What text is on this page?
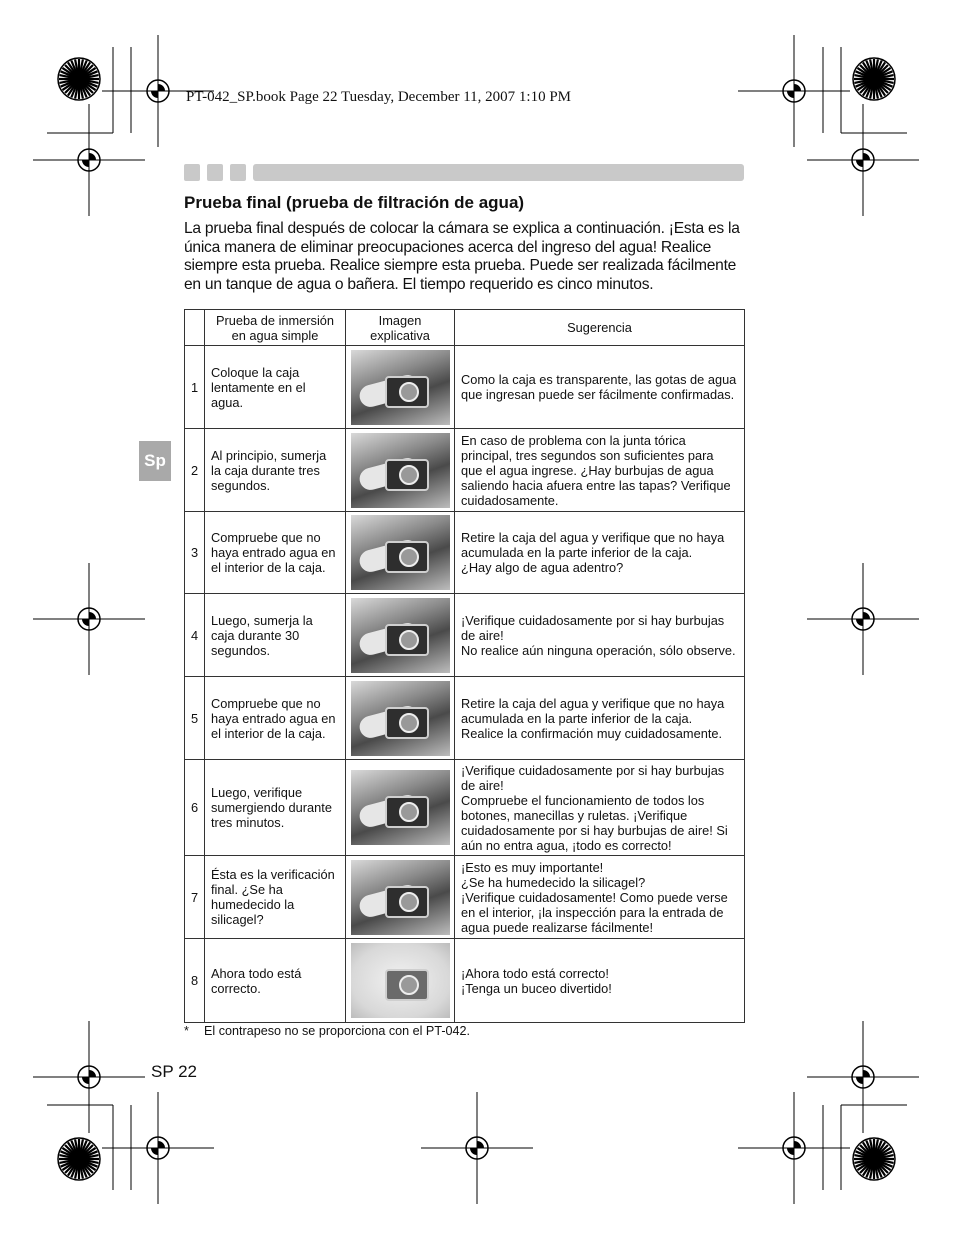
PT-042_SP.book Page 22 Tuesday, December 11, 2007 1:10 PM
Prueba final (prueba de filtración de agua)
La prueba final después de colocar la cámara se explica a continuación. ¡Esta es la única manera de eliminar preocupaciones acerca del ingreso del agua! Realice siempre esta prueba. Realice siempre esta prueba. Puede ser realizada fácilmente en un tanque de agua o bañera. El tiempo requerido es cinco minutos.
Sp
	Prueba de inmersión en agua simple	Imagen explicativa	Sugerencia
1	Coloque la caja lentamente en el agua.		Como la caja es transparente, las gotas de agua que ingresan puede ser fácilmente confirmadas.
2	Al principio, sumerja la caja durante tres segundos.		En caso de problema con la junta tórica principal, tres segundos son suficientes para que el agua ingrese. ¿Hay burbujas de agua saliendo hacia afuera entre las tapas? Verifique cuidadosamente.
3	Compruebe que no haya entrado agua en el interior de la caja.		Retire la caja del agua y verifique que no haya acumulada en la parte inferior de la caja.
¿Hay algo de agua adentro?
4	Luego, sumerja la caja durante 30 segundos.		¡Verifique cuidadosamente por si hay burbujas de aire!
No realice aún ninguna operación, sólo observe.
5	Compruebe que no haya entrado agua en el interior de la caja.		Retire la caja del agua y verifique que no haya acumulada en la parte inferior de la caja.
Realice la confirmación muy cuidadosamente.
6	Luego, verifique sumergiendo durante tres minutos.		¡Verifique cuidadosamente por si hay burbujas de aire!
Compruebe el funcionamiento de todos los botones, manecillas y ruletas. ¡Verifique cuidadosamente por si hay burbujas de aire! Si aún no entra agua, ¡todo es correcto!
7	Ésta es la verificación final. ¿Se ha humedecido la silicagel?		¡Esto es muy importante!
¿Se ha humedecido la silicagel?
¡Verifique cuidadosamente! Como puede verse en el interior, ¡la inspección para la entrada de agua puede realizarse fácilmente!
8	Ahora todo está correcto.		¡Ahora todo está correcto!
¡Tenga un buceo divertido!
* El contrapeso no se proporciona con el PT-042.
SP 22
